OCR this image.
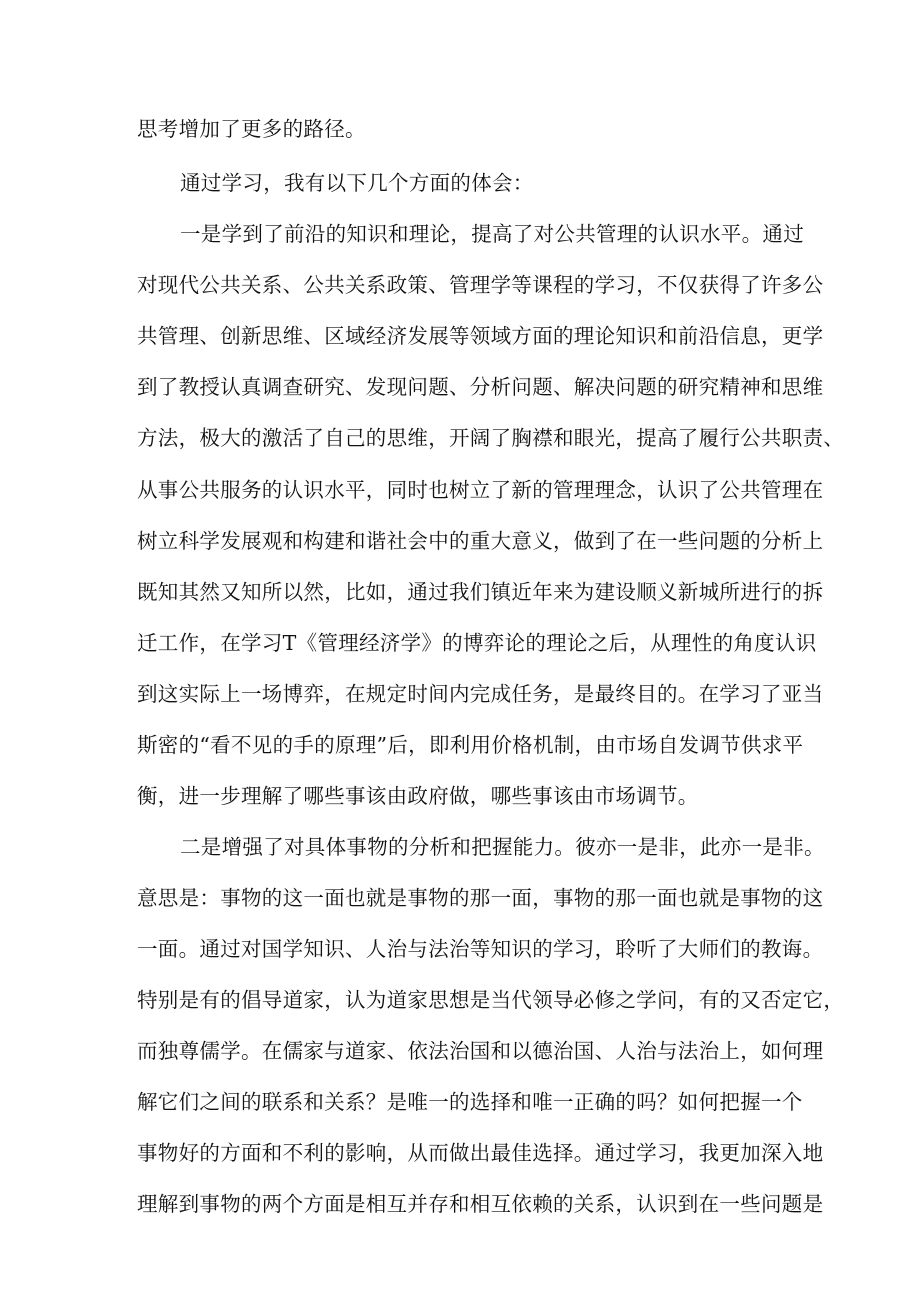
思考增加了更多的路径。
通过学习，我有以下几个方面的体会：
一是学到了前沿的知识和理论，提高了对公共管理的认识水平。通过
对现代公共关系、公共关系政策、管理学等课程的学习，不仅获得了许多公
共管理、创新思维、区域经济发展等领域方面的理论知识和前沿信息，更学
到了教授认真调查研究、发现问题、分析问题、解决问题的研究精神和思维
方法，极大的激活了自己的思维，开阔了胸襟和眼光，提高了履行公共职责、
从事公共服务的认识水平，同时也树立了新的管理理念，认识了公共管理在
树立科学发展观和构建和谐社会中的重大意义，做到了在一些问题的分析上
既知其然又知所以然，比如，通过我们镇近年来为建设顺义新城所进行的拆
迁工作，在学习T《管理经济学》的博弈论的理论之后，从理性的角度认识
到这实际上一场博弈，在规定时间内完成任务，是最终目的。在学习了亚当
斯密的“看不见的手的原理”后，即利用价格机制，由市场自发调节供求平
衡，进一步理解了哪些事该由政府做，哪些事该由市场调节。
二是增强了对具体事物的分析和把握能力。彼亦一是非，此亦一是非。
意思是：事物的这一面也就是事物的那一面，事物的那一面也就是事物的这
一面。通过对国学知识、人治与法治等知识的学习，聆听了大师们的教诲。
特别是有的倡导道家，认为道家思想是当代领导必修之学问，有的又否定它，
而独尊儒学。在儒家与道家、依法治国和以德治国、人治与法治上，如何理
解它们之间的联系和关系？是唯一的选择和唯一正确的吗？如何把握一个
事物好的方面和不利的影响，从而做出最佳选择。通过学习，我更加深入地
理解到事物的两个方面是相互并存和相互依赖的关系，认识到在一些问题是
